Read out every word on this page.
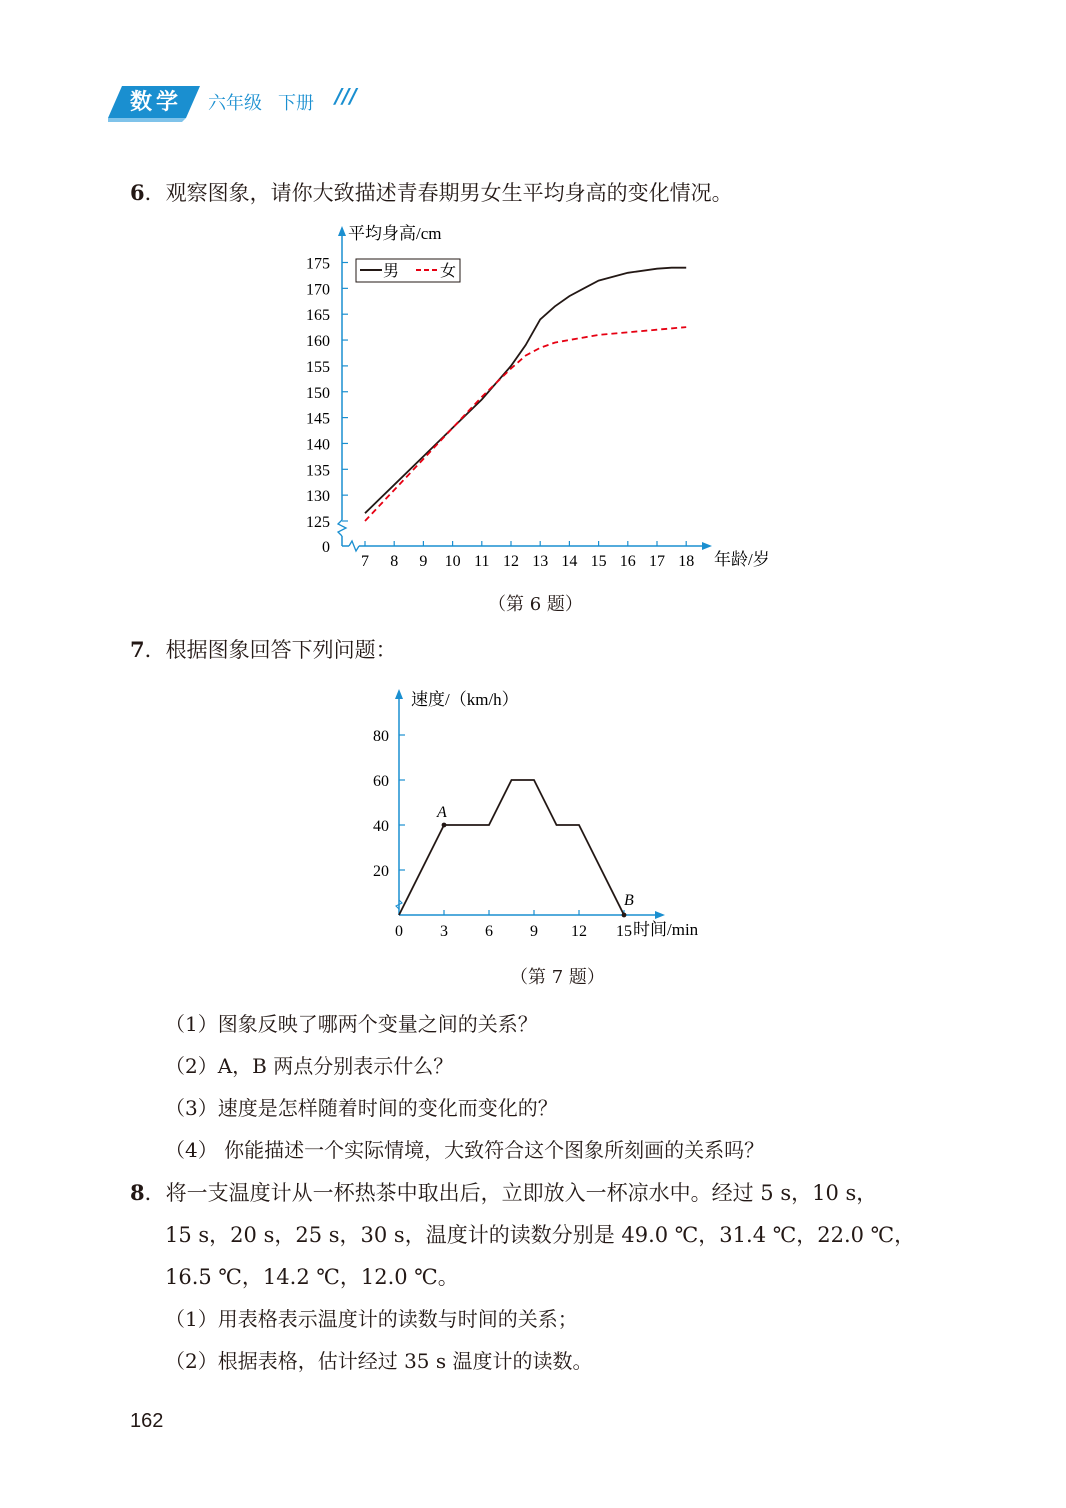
数学 六年级 下册	///
6．观察图象，请你大致描述青春期男女生平均身高的变化情况。
0
125
130
135
140
145
150
155
160
165
170
175
7 8 9 10 11 12 13 14 15 16 17 18
男	女
平均身高/cm
年龄/岁
（第 6 题）
7．根据图象回答下列问题：
20
40
60
80
0 3 6 9 12 15
A
B
速度/（km/h）
时间/min
（第 7 题）
（1）图象反映了哪两个变量之间的关系？
（2）A，B 两点分别表示什么？
（3）速度是怎样随着时间的变化而变化的？
（4） 你能描述一个实际情境，大致符合这个图象所刻画的关系吗？
8．将一支温度计从一杯热茶中取出后，立即放入一杯凉水中。经过 5 s，10 s，
15 s，20 s，25 s，30 s，温度计的读数分别是 49.0 ℃，31.4 ℃，22.0 ℃，
16.5 ℃，14.2 ℃，12.0 ℃。
（1）用表格表示温度计的读数与时间的关系；
（2）根据表格，估计经过 35 s 温度计的读数。
162
